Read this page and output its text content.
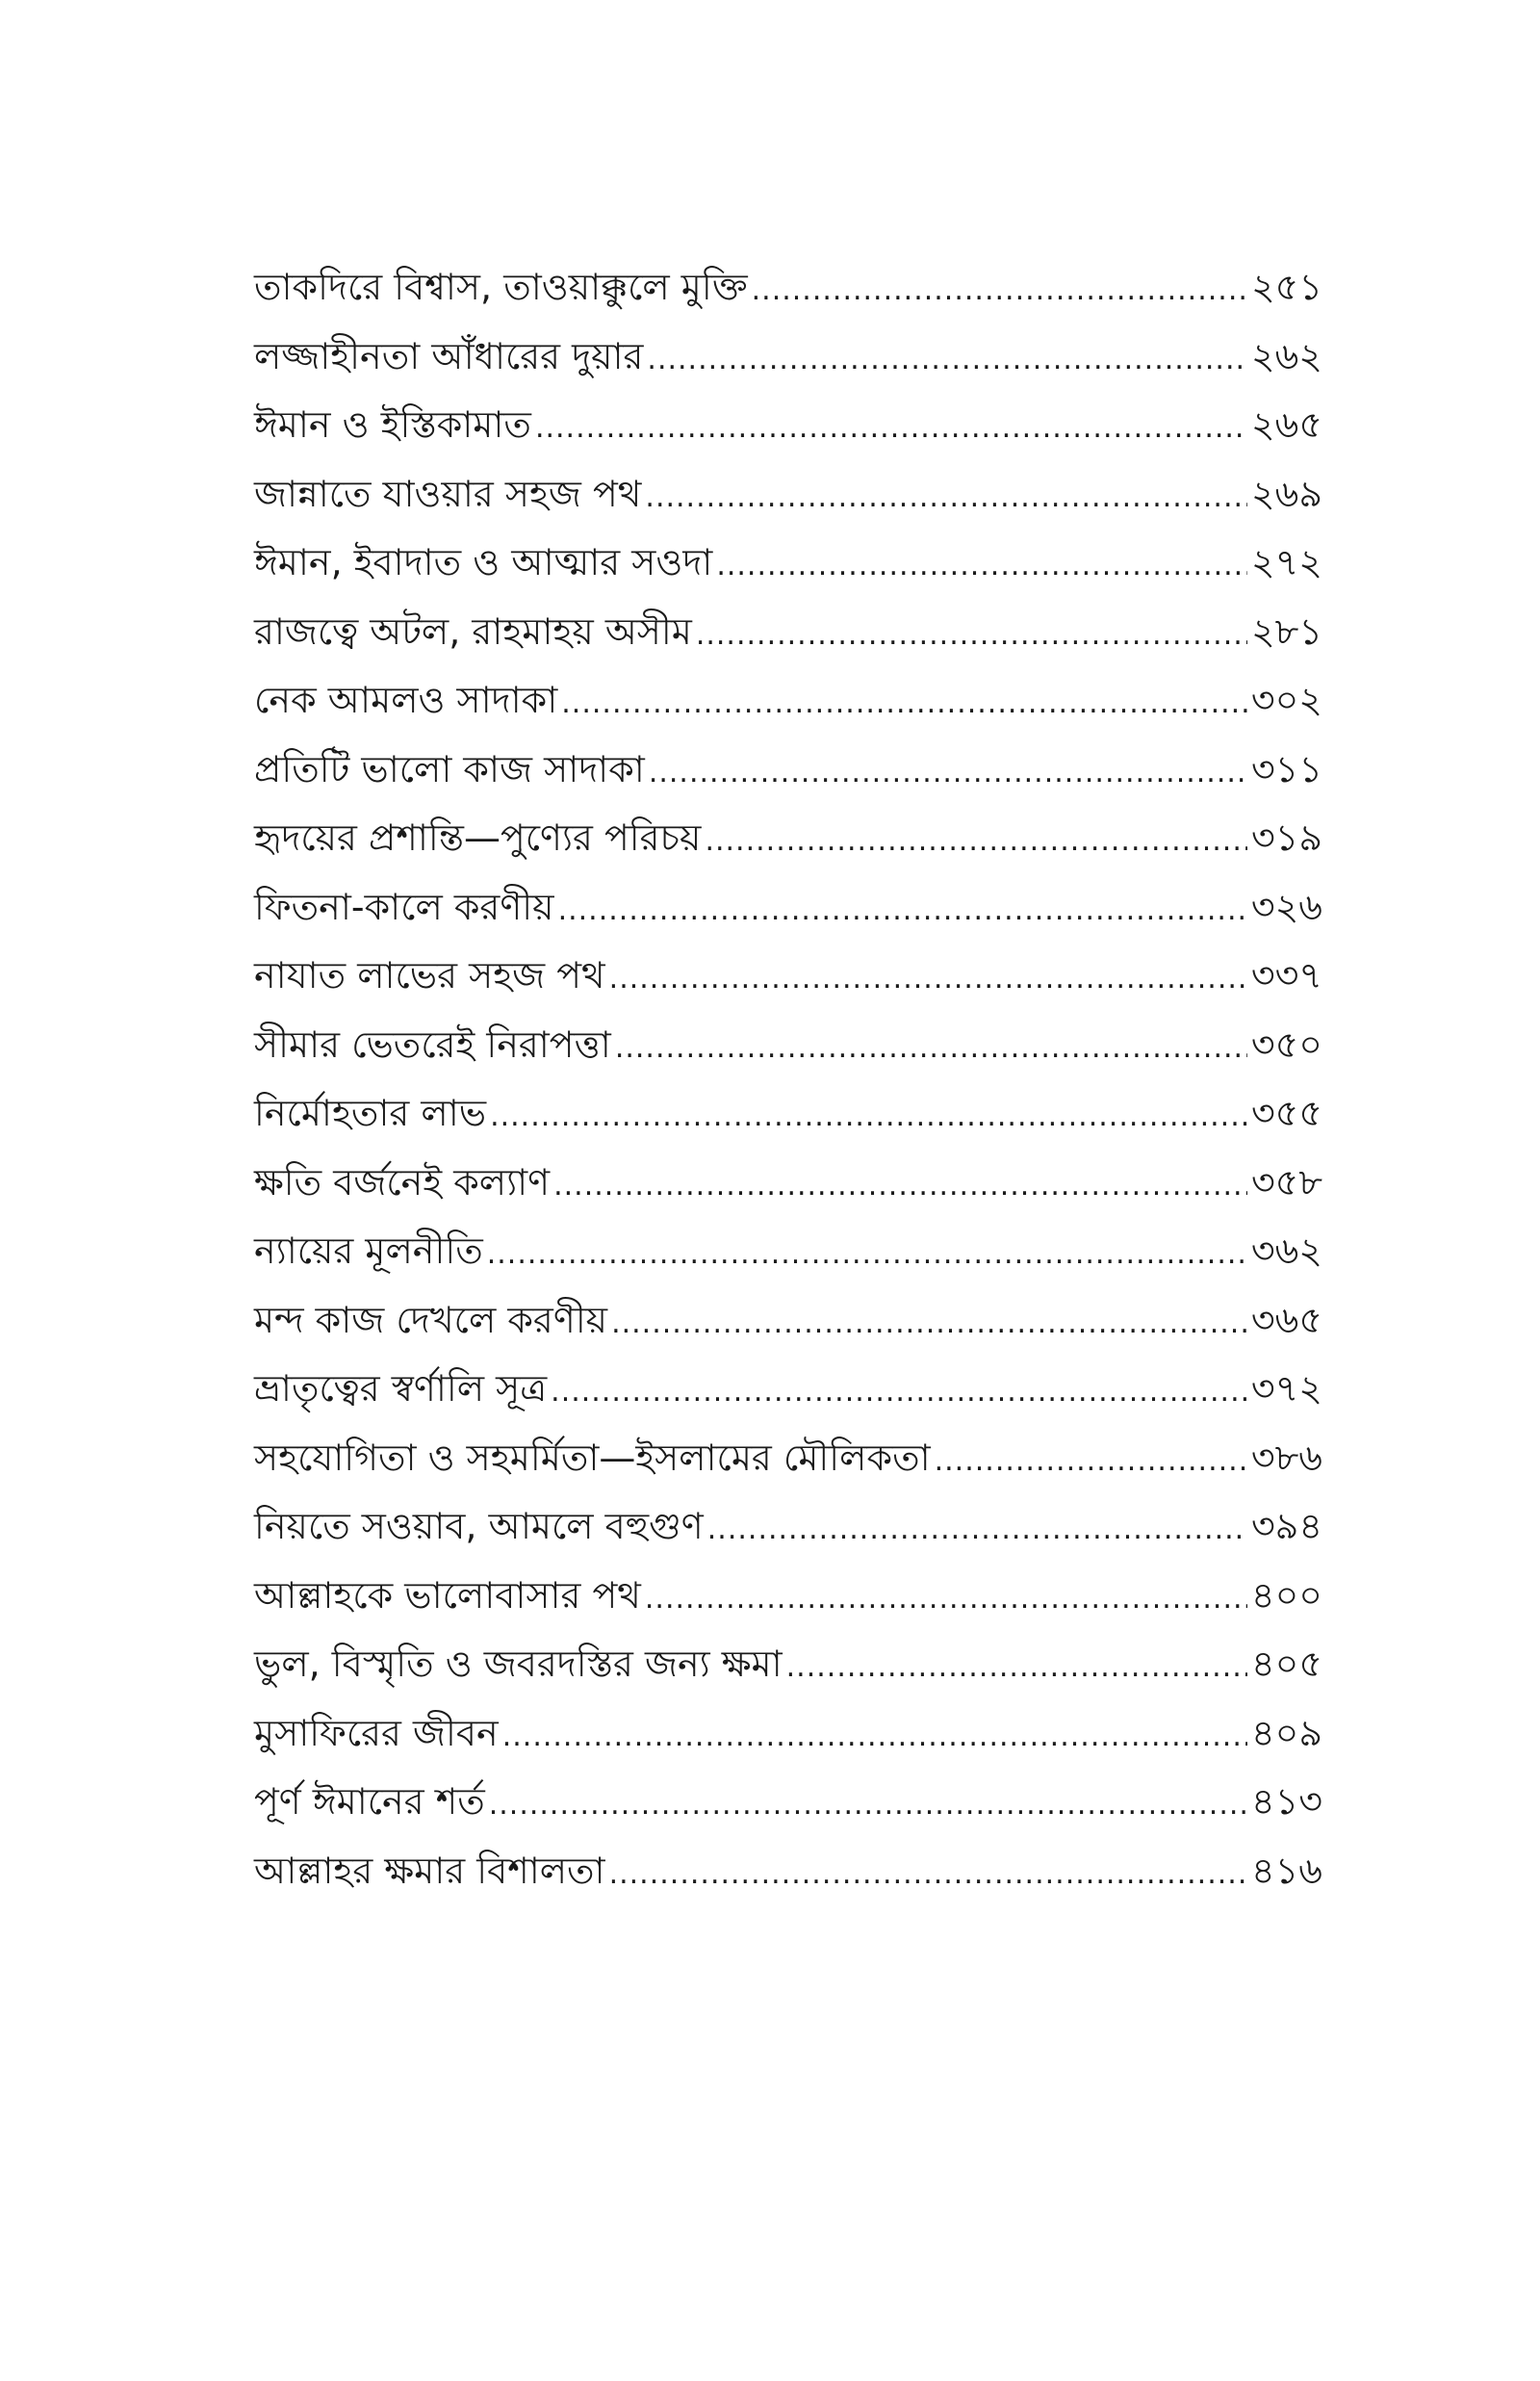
তাকদিরে বিশ্বাস, তাওয়াক্কুলে মুক্তি .....	২৫১
লজ্জাহীনতা আঁধারের দুয়ার .....	২৬২
ঈমান ও ইস্তিকামাত .....	২৬৫
জান্নাতে যাওয়ার সহজ পথ .....	২৬৯
ঈমান, ইবাদাত ও আত্মার সওদা .....	২৭২
রাজত্বে অটল, রাহমাহয় অসীম .....	২৮১
নেক আমলও সাদাকা .....	৩০২
প্রতিটি ভালো কাজ সাদাকা .....	৩১১
হৃদয়ের প্রশান্তি—পুণ্যের পরিচয় .....	৩১৯
ফিতনা-কালে করণীয় .....	৩২৬
নাযাত লাভের সহজ পথ .....	৩৩৭
সীমার ভেতরেই নিরাপত্তা .....	৩৫০
নির্মোহতার লাভ .....	৩৫৫
ক্ষতি বর্জনেই কল্যাণ .....	৩৫৮
ন্যায়ের মূলনীতি .....	৩৬২
মন্দ কাজ দেখলে করণীয় .....	৩৬৫
ভ্রাতৃত্বের স্বর্ণালি সূত্র .....	৩৭২
সহযোগিতা ও সহমর্মিতা—ইসলামের মৌলিকতা .....	৩৮৬
নিয়তে সওয়াব, আমলে বহুগুণ .....	৩৯৪
আল্লাহকে ভালোবাসার পথ .....	৪০০
ভুল, বিস্মৃতি ও জবরদস্তির জন্য ক্ষমা .....	৪০৫
মুসাফিরের জীবন .....	৪০৯
পূর্ণ ঈমানের শর্ত .....	৪১৩
আল্লাহর ক্ষমার বিশালতা .....	৪১৬
